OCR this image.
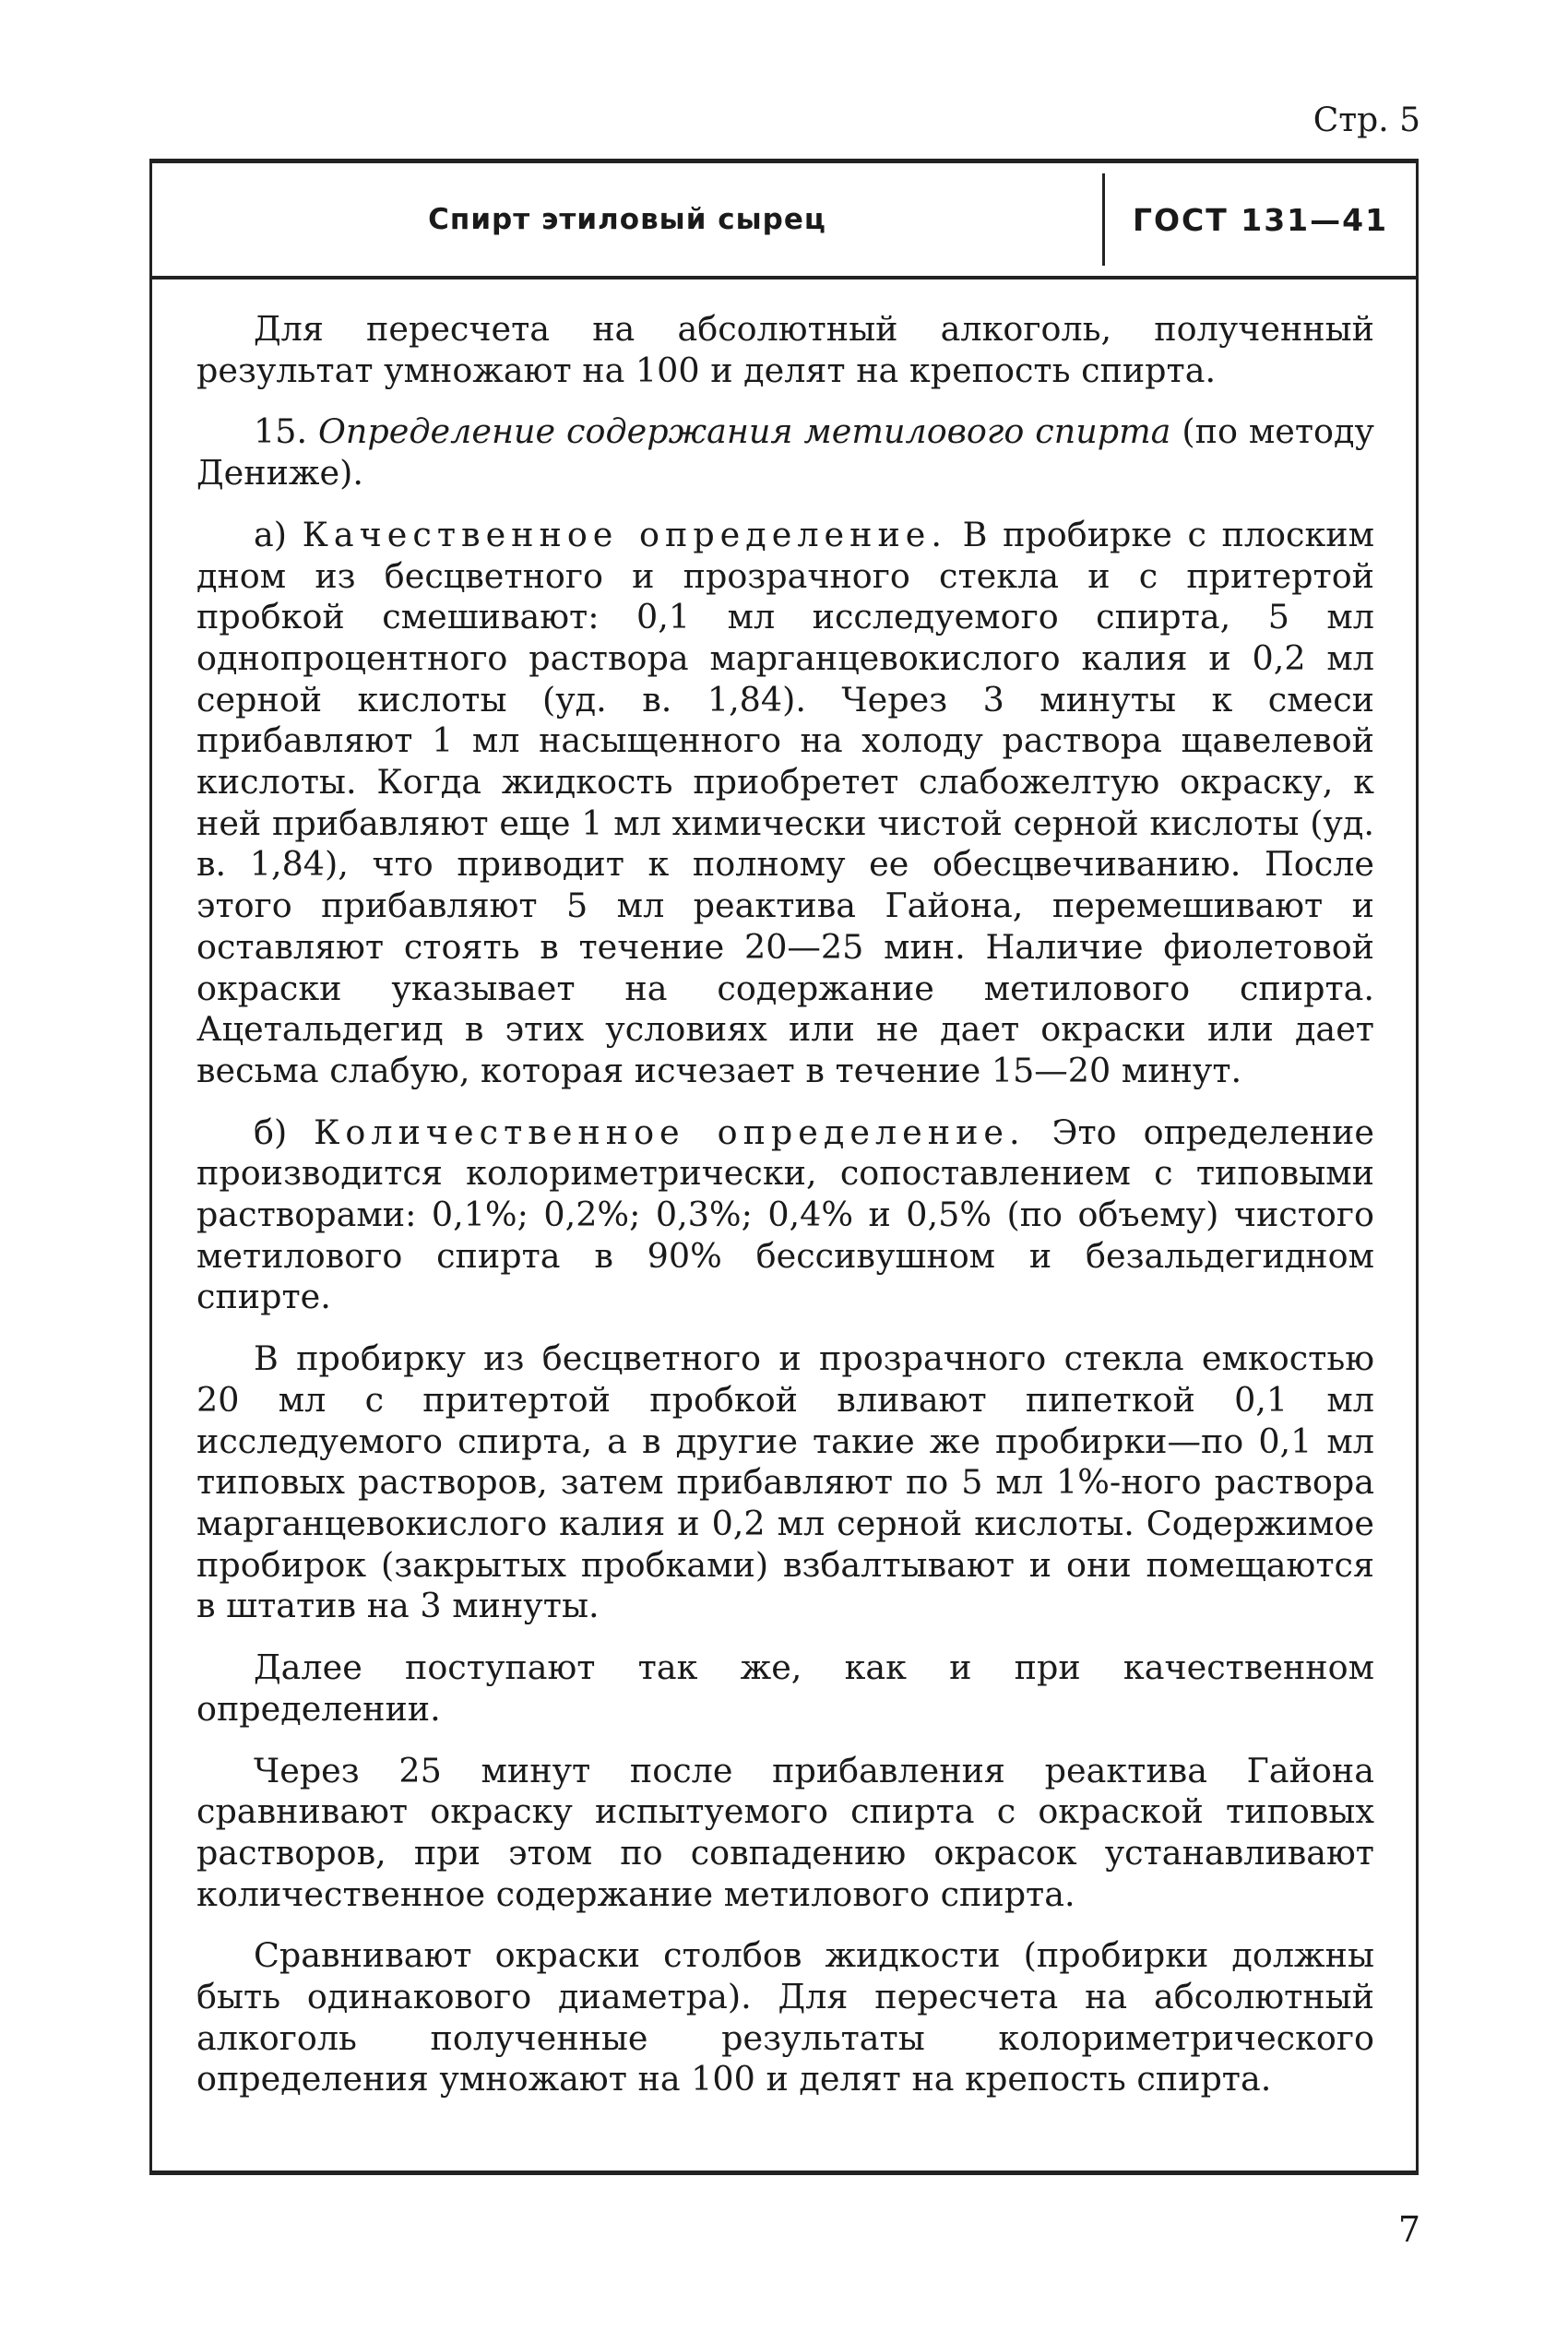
Стр. 5
Спирт этиловый сырец	ГОСТ 131—41

Для пересчета на абсолютный алкоголь, полученный результат умножают на 100 и делят на крепость спирта.

15. Определение содержания метилового спирта (по методу Дениже).

а) Качественное определение. В пробирке с плоским дном из бесцветного и прозрачного стекла и с притертой пробкой смешивают: 0,1 мл исследуемого спирта, 5 мл однопроцентного раствора марганцевокислого калия и 0,2 мл серной кислоты (уд. в. 1,84). Через 3 минуты к смеси прибавляют 1 мл насыщенного на холоду раствора щавелевой кислоты. Когда жидкость приобретет слабожелтую окраску, к ней прибавляют еще 1 мл химически чистой серной кислоты (уд. в. 1,84), что приводит к полному ее обесцвечиванию. После этого прибавляют 5 мл реактива Гайона, перемешивают и оставляют стоять в течение 20—25 мин. Наличие фиолетовой окраски указывает на содержание метилового спирта. Ацетальдегид в этих условиях или не дает окраски или дает весьма слабую, которая исчезает в течение 15—20 минут.

б) Количественное определение. Это определение производится колориметрически, сопоставлением с типовыми растворами: 0,1%; 0,2%; 0,3%; 0,4% и 0,5% (по объему) чистого метилового спирта в 90% бессивушном и безальдегидном спирте.

В пробирку из бесцветного и прозрачного стекла емкостью 20 мл с притертой пробкой вливают пипеткой 0,1 мл исследуемого спирта, а в другие такие же пробирки—по 0,1 мл типовых растворов, затем прибавляют по 5 мл 1%-ного раствора марганцевокислого калия и 0,2 мл серной кислоты. Содержимое пробирок (закрытых пробками) взбалтывают и они помещаются в штатив на 3 минуты.

Далее поступают так же, как и при качественном определении.

Через 25 минут после прибавления реактива Гайона сравнивают окраску испытуемого спирта с окраской типовых растворов, при этом по совпадению окрасок устанавливают количественное содержание метилового спирта.

Сравнивают окраски столбов жидкости (пробирки должны быть одинакового диаметра). Для пересчета на абсолютный алкоголь полученные результаты колориметрического определения умножают на 100 и делят на крепость спирта.

7
